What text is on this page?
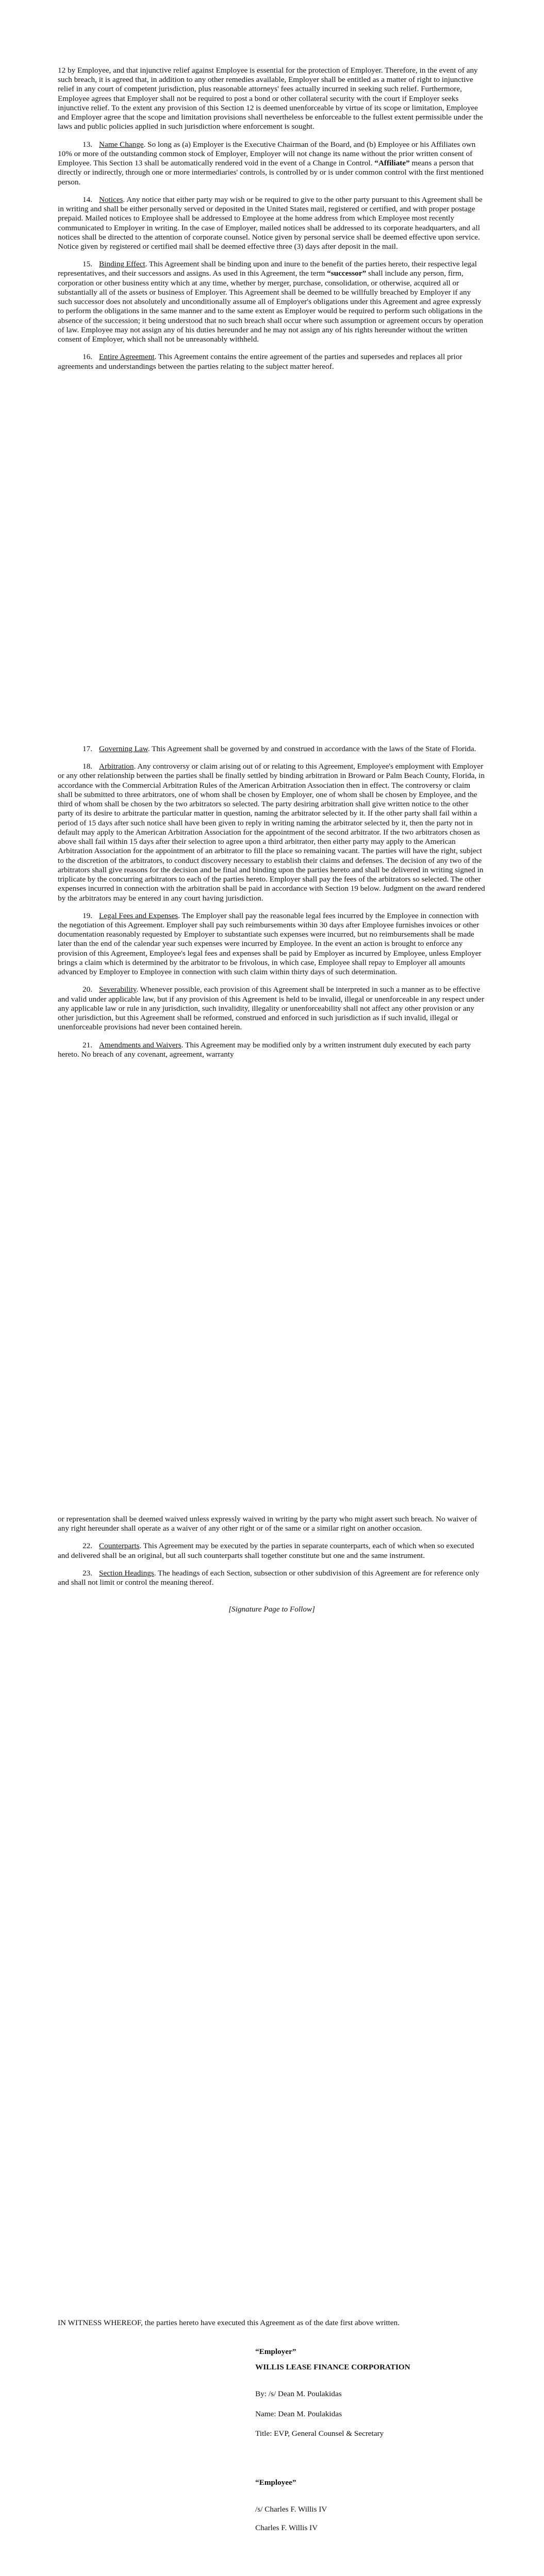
12 by Employee, and that injunctive relief against Employee is essential for the protection of Employer. Therefore, in the event of any such breach, it is agreed that, in addition to any other remedies available, Employer shall be entitled as a matter of right to injunctive relief in any court of competent jurisdiction, plus reasonable attorneys' fees actually incurred in seeking such relief. Furthermore, Employee agrees that Employer shall not be required to post a bond or other collateral security with the court if Employer seeks injunctive relief. To the extent any provision of this Section 12 is deemed unenforceable by virtue of its scope or limitation, Employee and Employer agree that the scope and limitation provisions shall nevertheless be enforceable to the fullest extent permissible under the laws and public policies applied in such jurisdiction where enforcement is sought.

13. Name Change. So long as (a) Employer is the Executive Chairman of the Board, and (b) Employee or his Affiliates own 10% or more of the outstanding common stock of Employer, Employer will not change its name without the prior written consent of Employee. This Section 13 shall be automatically rendered void in the event of a Change in Control. “Affiliate” means a person that directly or indirectly, through one or more intermediaries' controls, is controlled by or is under common control with the first mentioned person.

14. Notices. Any notice that either party may wish or be required to give to the other party pursuant to this Agreement shall be in writing and shall be either personally served or deposited in the United States mail, registered or certified, and with proper postage prepaid. Mailed notices to Employee shall be addressed to Employee at the home address from which Employee most recently communicated to Employer in writing. In the case of Employer, mailed notices shall be addressed to its corporate headquarters, and all notices shall be directed to the attention of corporate counsel. Notice given by personal service shall be deemed effective upon service. Notice given by registered or certified mail shall be deemed effective three (3) days after deposit in the mail.

15. Binding Effect. This Agreement shall be binding upon and inure to the benefit of the parties hereto, their respective legal representatives, and their successors and assigns. As used in this Agreement, the term “successor” shall include any person, firm, corporation or other business entity which at any time, whether by merger, purchase, consolidation, or otherwise, acquired all or substantially all of the assets or business of Employer. This Agreement shall be deemed to be willfully breached by Employer if any such successor does not absolutely and unconditionally assume all of Employer's obligations under this Agreement and agree expressly to perform the obligations in the same manner and to the same extent as Employer would be required to perform such obligations in the absence of the succession; it being understood that no such breach shall occur where such assumption or agreement occurs by operation of law. Employee may not assign any of his duties hereunder and he may not assign any of his rights hereunder without the written consent of Employer, which shall not be unreasonably withheld.

16. Entire Agreement. This Agreement contains the entire agreement of the parties and supersedes and replaces all prior agreements and understandings between the parties relating to the subject matter hereof.

17. Governing Law. This Agreement shall be governed by and construed in accordance with the laws of the State of Florida.

18. Arbitration. Any controversy or claim arising out of or relating to this Agreement, Employee's employment with Employer or any other relationship between the parties shall be finally settled by binding arbitration in Broward or Palm Beach County, Florida, in accordance with the Commercial Arbitration Rules of the American Arbitration Association then in effect. The controversy or claim shall be submitted to three arbitrators, one of whom shall be chosen by Employer, one of whom shall be chosen by Employee, and the third of whom shall be chosen by the two arbitrators so selected. The party desiring arbitration shall give written notice to the other party of its desire to arbitrate the particular matter in question, naming the arbitrator selected by it. If the other party shall fail within a period of 15 days after such notice shall have been given to reply in writing naming the arbitrator selected by it, then the party not in default may apply to the American Arbitration Association for the appointment of the second arbitrator. If the two arbitrators chosen as above shall fail within 15 days after their selection to agree upon a third arbitrator, then either party may apply to the American Arbitration Association for the appointment of an arbitrator to fill the place so remaining vacant. The parties will have the right, subject to the discretion of the arbitrators, to conduct discovery necessary to establish their claims and defenses. The decision of any two of the arbitrators shall give reasons for the decision and be final and binding upon the parties hereto and shall be delivered in writing signed in triplicate by the concurring arbitrators to each of the parties hereto. Employer shall pay the fees of the arbitrators so selected. The other expenses incurred in connection with the arbitration shall be paid in accordance with Section 19 below. Judgment on the award rendered by the arbitrators may be entered in any court having jurisdiction.

19. Legal Fees and Expenses. The Employer shall pay the reasonable legal fees incurred by the Employee in connection with the negotiation of this Agreement. Employer shall pay such reimbursements within 30 days after Employee furnishes invoices or other documentation reasonably requested by Employer to substantiate such expenses were incurred, but no reimbursements shall be made later than the end of the calendar year such expenses were incurred by Employee. In the event an action is brought to enforce any provision of this Agreement, Employee's legal fees and expenses shall be paid by Employer as incurred by Employee, unless Employer brings a claim which is determined by the arbitrator to be frivolous, in which case, Employee shall repay to Employer all amounts advanced by Employer to Employee in connection with such claim within thirty days of such determination.

20. Severability. Whenever possible, each provision of this Agreement shall be interpreted in such a manner as to be effective and valid under applicable law, but if any provision of this Agreement is held to be invalid, illegal or unenforceable in any respect under any applicable law or rule in any jurisdiction, such invalidity, illegality or unenforceability shall not affect any other provision or any other jurisdiction, but this Agreement shall be reformed, construed and enforced in such jurisdiction as if such invalid, illegal or unenforceable provisions had never been contained herein.

21. Amendments and Waivers. This Agreement may be modified only by a written instrument duly executed by each party hereto. No breach of any covenant, agreement, warranty

or representation shall be deemed waived unless expressly waived in writing by the party who might assert such breach. No waiver of any right hereunder shall operate as a waiver of any other right or of the same or a similar right on another occasion.

22. Counterparts. This Agreement may be executed by the parties in separate counterparts, each of which when so executed and delivered shall be an original, but all such counterparts shall together constitute but one and the same instrument.

23. Section Headings. The headings of each Section, subsection or other subdivision of this Agreement are for reference only and shall not limit or control the meaning thereof.

[Signature Page to Follow]

IN WITNESS WHEREOF, the parties hereto have executed this Agreement as of the date first above written.

“Employer”

WILLIS LEASE FINANCE CORPORATION

By: /s/ Dean M. Poulakidas

Name: Dean M. Poulakidas

Title: EVP, General Counsel & Secretary

“Employee”

/s/ Charles F. Willis IV

Charles F. Willis IV
